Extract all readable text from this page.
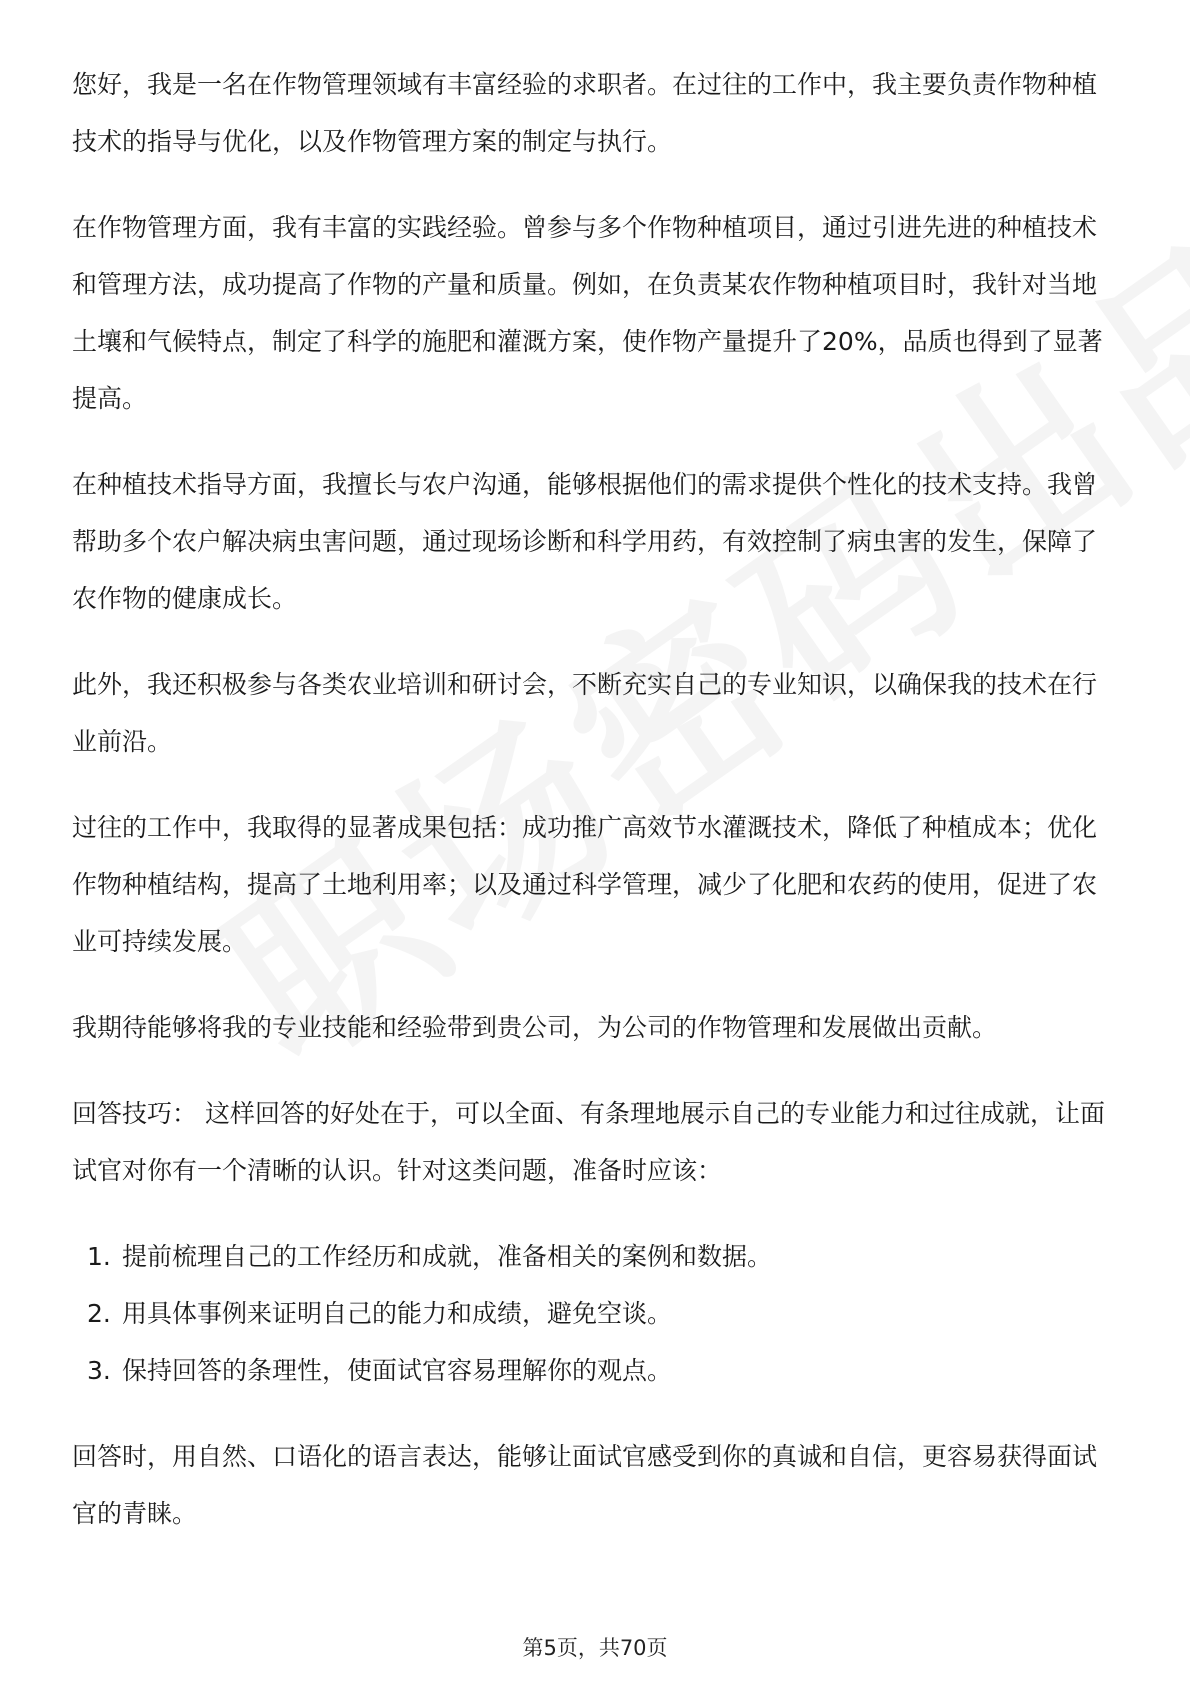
您好，我是一名在作物管理领域有丰富经验的求职者。在过往的工作中，我主要负责作物种植技术的指导与优化，以及作物管理方案的制定与执行。

在作物管理方面，我有丰富的实践经验。曾参与多个作物种植项目，通过引进先进的种植技术和管理方法，成功提高了作物的产量和质量。例如，在负责某农作物种植项目时，我针对当地土壤和气候特点，制定了科学的施肥和灌溉方案，使作物产量提升了20%，品质也得到了显著提高。

在种植技术指导方面，我擅长与农户沟通，能够根据他们的需求提供个性化的技术支持。我曾帮助多个农户解决病虫害问题，通过现场诊断和科学用药，有效控制了病虫害的发生，保障了农作物的健康成长。

此外，我还积极参与各类农业培训和研讨会，不断充实自己的专业知识，以确保我的技术在行业前沿。

过往的工作中，我取得的显著成果包括：成功推广高效节水灌溉技术，降低了种植成本；优化作物种植结构，提高了土地利用率；以及通过科学管理，减少了化肥和农药的使用，促进了农业可持续发展。

我期待能够将我的专业技能和经验带到贵公司，为公司的作物管理和发展做出贡献。

回答技巧： 这样回答的好处在于，可以全面、有条理地展示自己的专业能力和过往成就，让面试官对你有一个清晰的认识。针对这类问题，准备时应该：

1. 提前梳理自己的工作经历和成就，准备相关的案例和数据。
2. 用具体事例来证明自己的能力和成绩，避免空谈。
3. 保持回答的条理性，使面试官容易理解你的观点。

回答时，用自然、口语化的语言表达，能够让面试官感受到你的真诚和自信，更容易获得面试官的青睐。

第5页，共70页
